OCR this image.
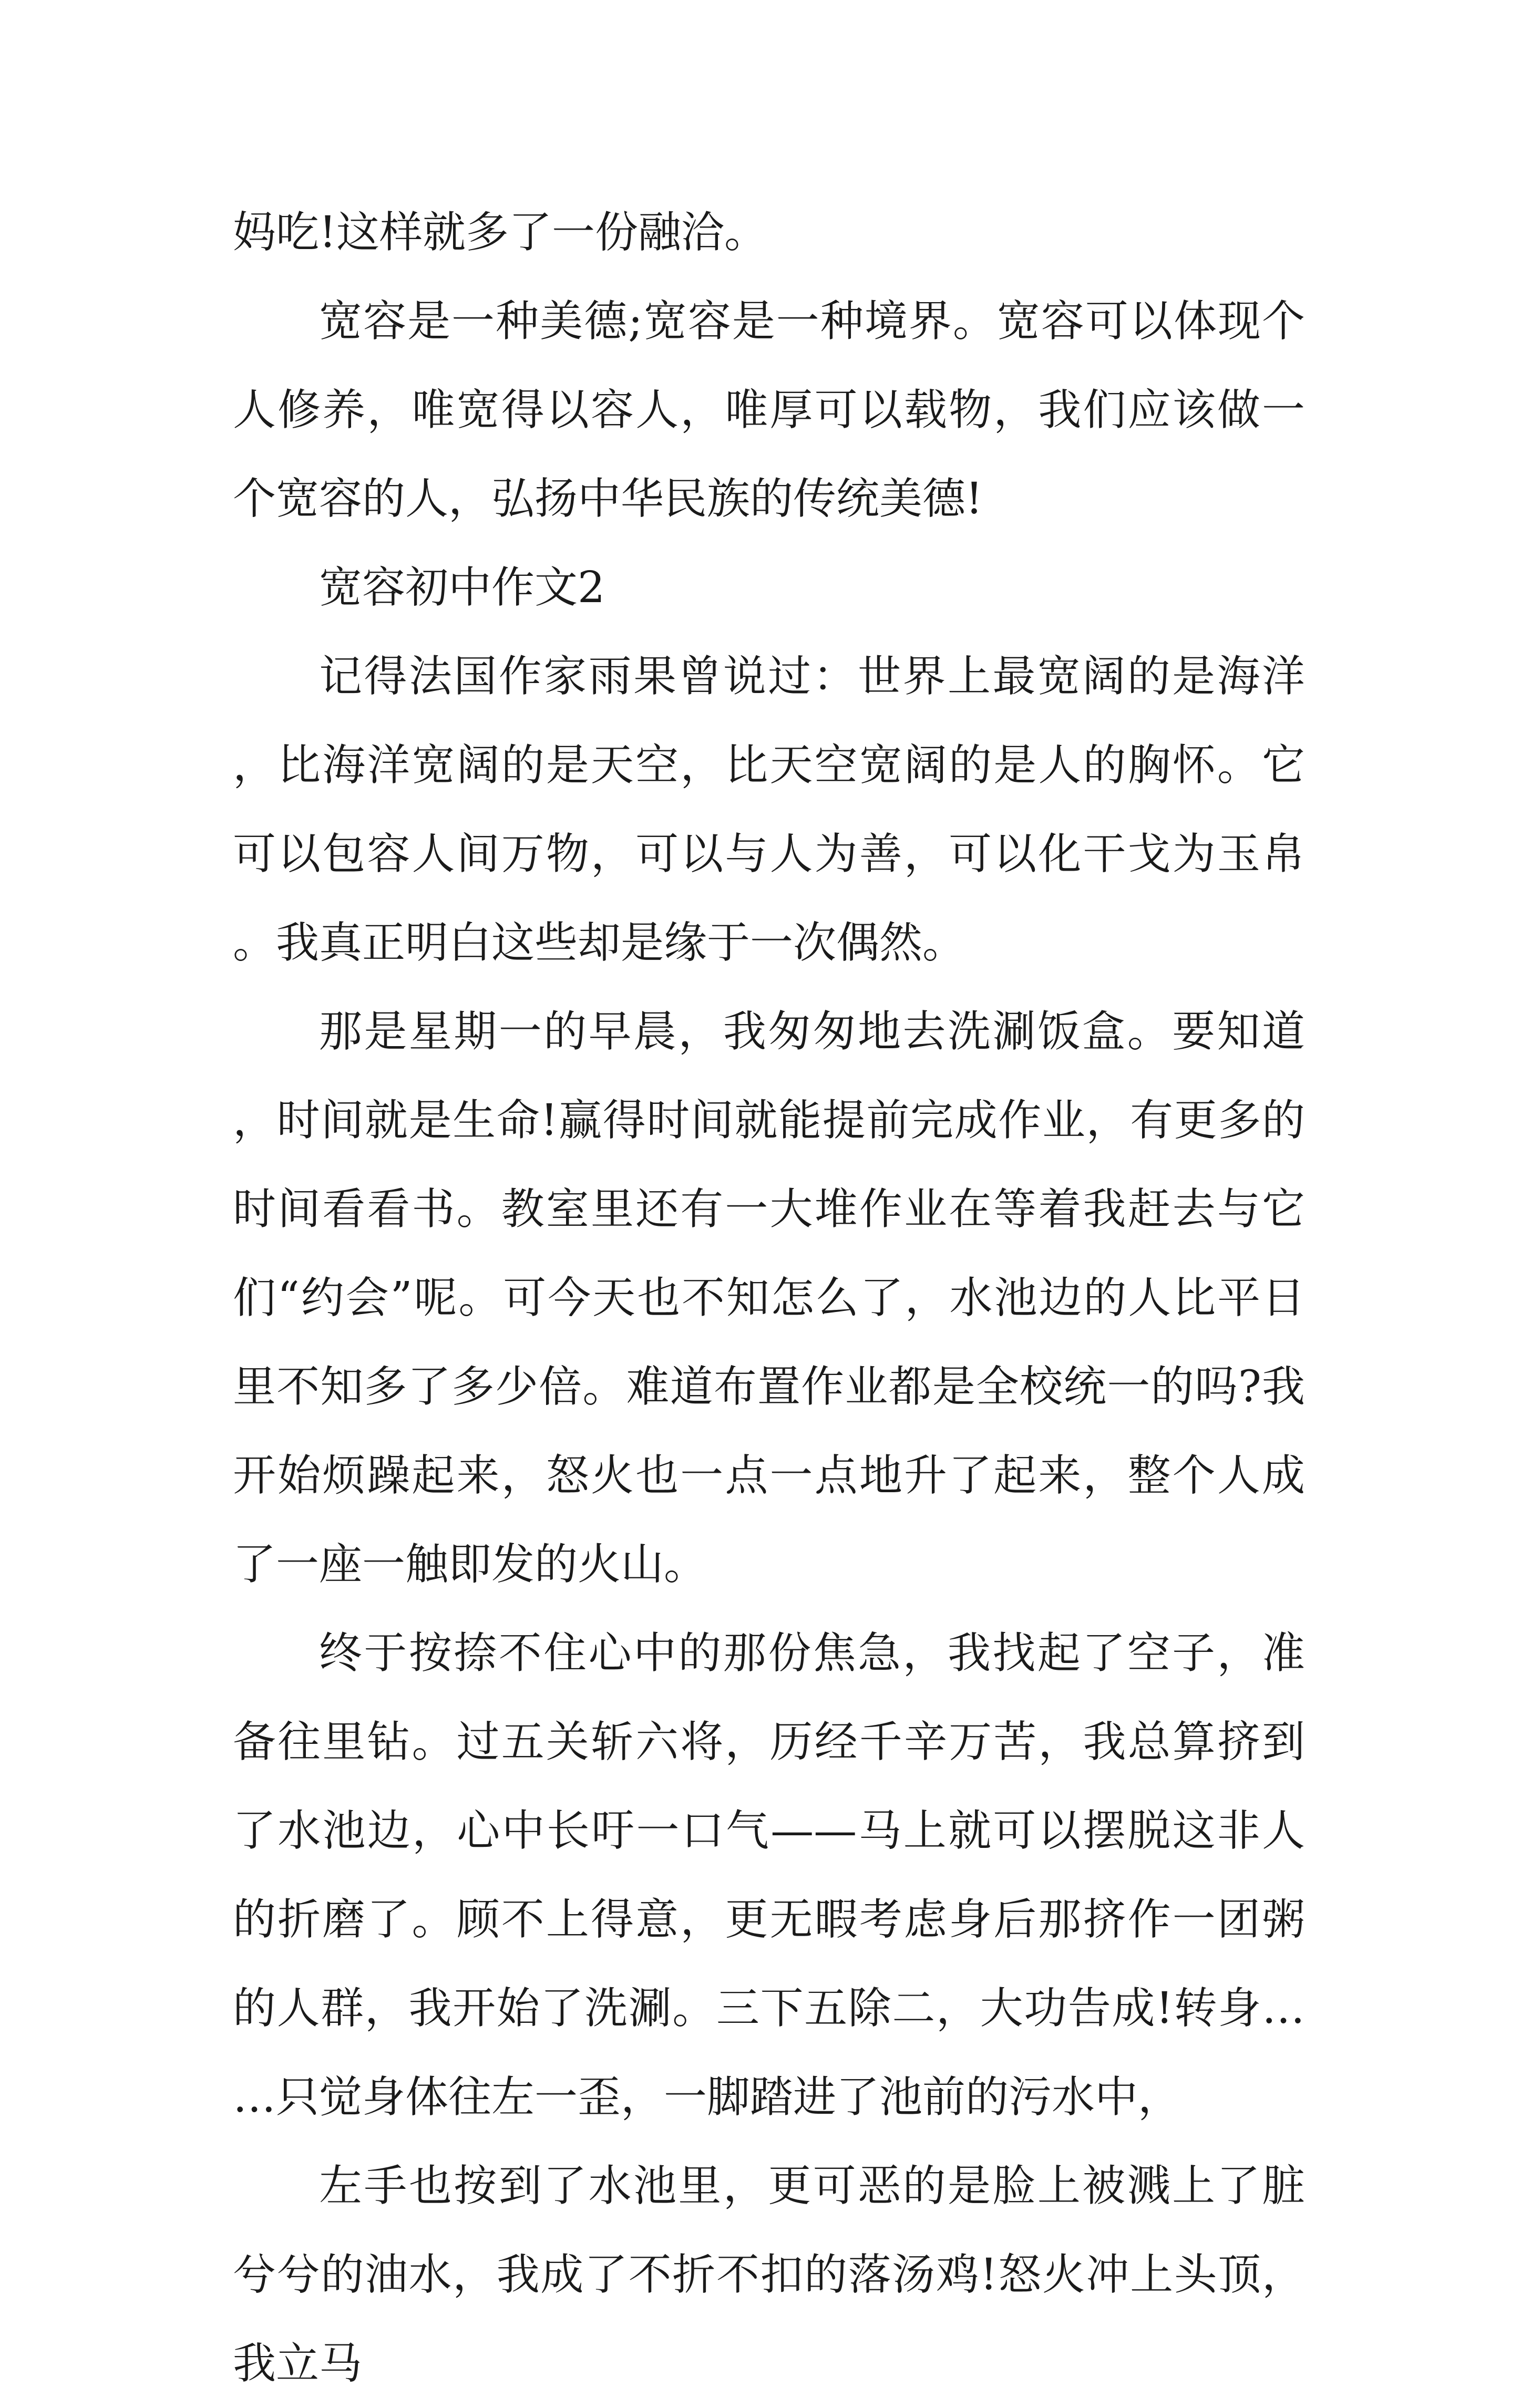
妈吃!这样就多了一份融洽。

宽容是一种美德;宽容是一种境界。宽容可以体现个人修养，唯宽得以容人，唯厚可以载物，我们应该做一个宽容的人，弘扬中华民族的传统美德!

宽容初中作文2

记得法国作家雨果曾说过：世界上最宽阔的是海洋，比海洋宽阔的是天空，比天空宽阔的是人的胸怀。它可以包容人间万物，可以与人为善，可以化干戈为玉帛。我真正明白这些却是缘于一次偶然。

那是星期一的早晨，我匆匆地去洗涮饭盒。要知道，时间就是生命!赢得时间就能提前完成作业，有更多的时间看看书。教室里还有一大堆作业在等着我赶去与它们“约会”呢。可今天也不知怎么了，水池边的人比平日里不知多了多少倍。难道布置作业都是全校统一的吗?我开始烦躁起来，怒火也一点一点地升了起来，整个人成了一座一触即发的火山。

终于按捺不住心中的那份焦急，我找起了空子，准备往里钻。过五关斩六将，历经千辛万苦，我总算挤到了水池边，心中长吁一口气——马上就可以摆脱这非人的折磨了。顾不上得意，更无暇考虑身后那挤作一团粥的人群，我开始了洗涮。三下五除二，大功告成!转身……只觉身体往左一歪，一脚踏进了池前的污水中，

左手也按到了水池里，更可恶的是脸上被溅上了脏兮兮的油水，我成了不折不扣的落汤鸡!怒火冲上头顶，我立马
